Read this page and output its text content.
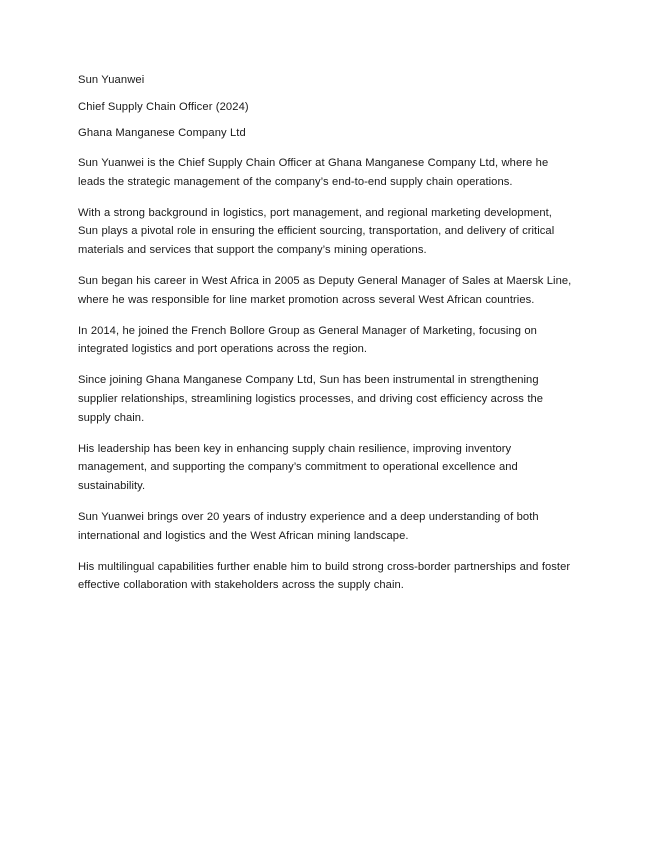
Sun Yuanwei

Chief Supply Chain Officer (2024)

Ghana Manganese Company Ltd

Sun Yuanwei is the Chief Supply Chain Officer at Ghana Manganese Company Ltd, where he leads the strategic management of the company’s end-to-end supply chain operations.

With a strong background in logistics, port management, and regional marketing development, Sun plays a pivotal role in ensuring the efficient sourcing, transportation, and delivery of critical materials and services that support the company’s mining operations.

Sun began his career in West Africa in 2005 as Deputy General Manager of Sales at Maersk Line, where he was responsible for line market promotion across several West African countries.

In 2014, he joined the French Bollore Group as General Manager of Marketing, focusing on integrated logistics and port operations across the region.

Since joining Ghana Manganese Company Ltd, Sun has been instrumental in strengthening supplier relationships, streamlining logistics processes, and driving cost efficiency across the supply chain.

His leadership has been key in enhancing supply chain resilience, improving inventory management, and supporting the company’s commitment to operational excellence and sustainability.

Sun Yuanwei brings over 20 years of industry experience and a deep understanding of both international and logistics and the West African mining landscape.

His multilingual capabilities further enable him to build strong cross-border partnerships and foster effective collaboration with stakeholders across the supply chain.
